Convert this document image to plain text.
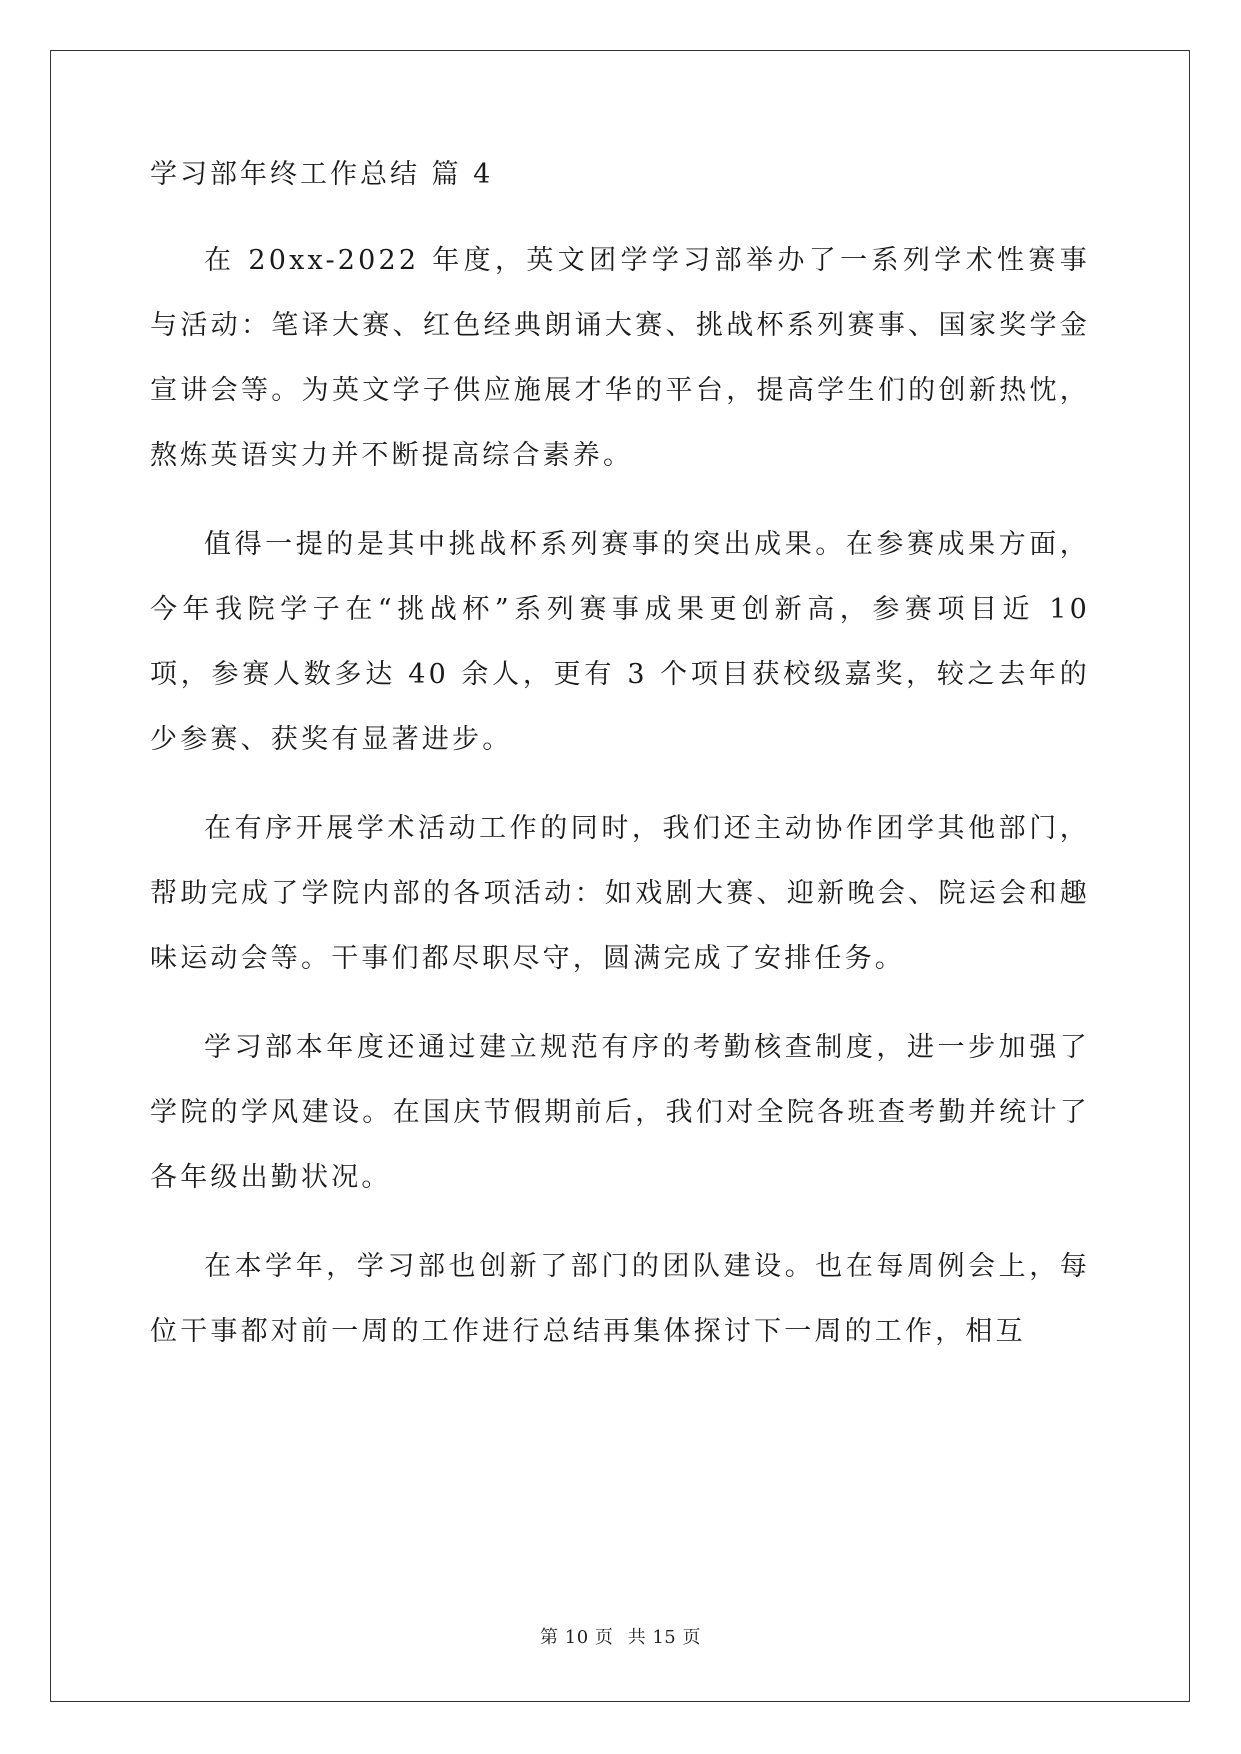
学习部年终工作总结 篇 4

在 20xx-2022 年度，英文团学学习部举办了一系列学术性赛事与活动：笔译大赛、红色经典朗诵大赛、挑战杯系列赛事、国家奖学金宣讲会等。为英文学子供应施展才华的平台，提高学生们的创新热忱，熬炼英语实力并不断提高综合素养。

值得一提的是其中挑战杯系列赛事的突出成果。在参赛成果方面，今年我院学子在“挑战杯”系列赛事成果更创新高，参赛项目近 10 项，参赛人数多达 40 余人，更有 3 个项目获校级嘉奖，较之去年的少参赛、获奖有显著进步。

在有序开展学术活动工作的同时，我们还主动协作团学其他部门，帮助完成了学院内部的各项活动：如戏剧大赛、迎新晚会、院运会和趣味运动会等。干事们都尽职尽守，圆满完成了安排任务。

学习部本年度还通过建立规范有序的考勤核查制度，进一步加强了学院的学风建设。在国庆节假期前后，我们对全院各班查考勤并统计了各年级出勤状况。

在本学年，学习部也创新了部门的团队建设。也在每周例会上，每位干事都对前一周的工作进行总结再集体探讨下一周的工作，相互

第 10 页 共 15 页
